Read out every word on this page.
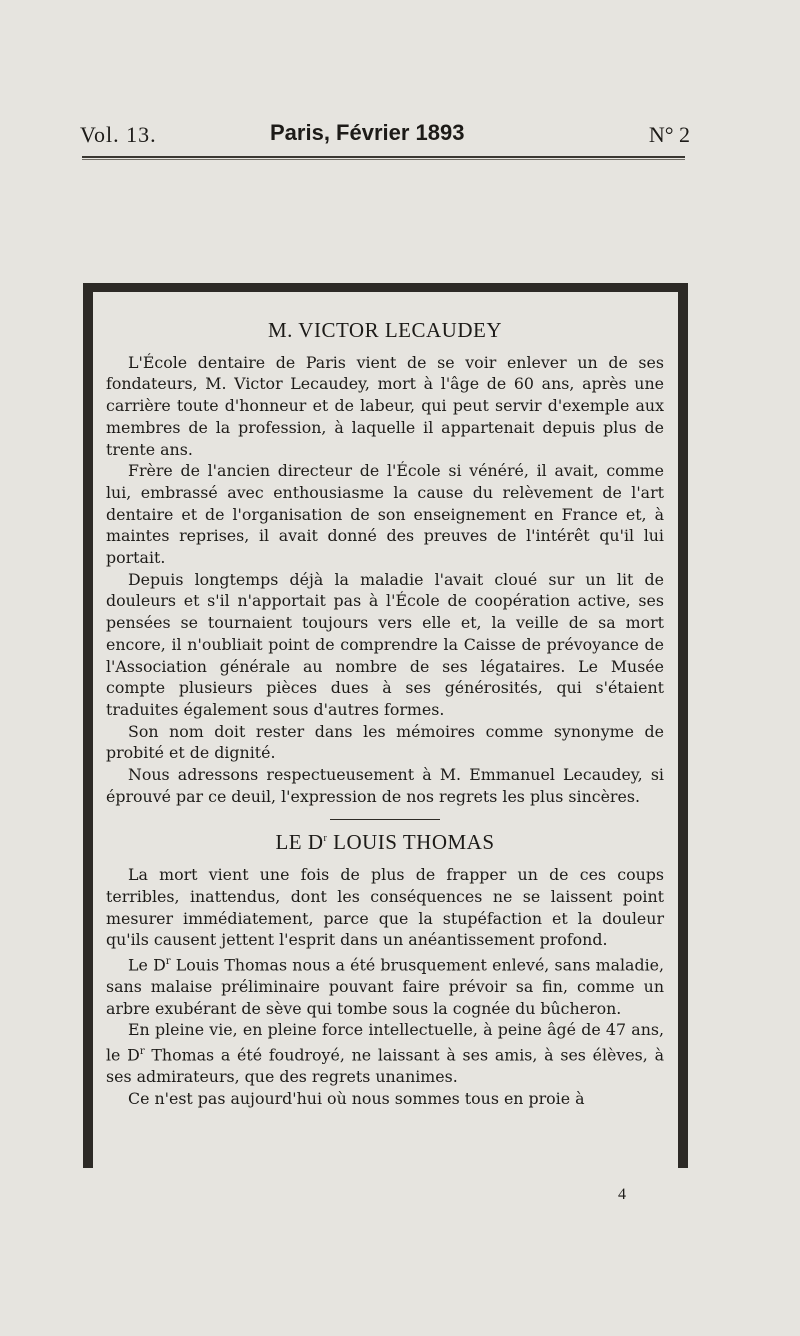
Vol. 13.	Paris, Février 1893	N° 2
M. VICTOR LECAUDEY

L'École dentaire de Paris vient de se voir enlever un de ses fondateurs, M. Victor Lecaudey, mort à l'âge de 60 ans, après une carrière toute d'honneur et de labeur, qui peut servir d'exemple aux membres de la profession, à laquelle il appartenait depuis plus de trente ans.

Frère de l'ancien directeur de l'École si vénéré, il avait, comme lui, embrassé avec enthousiasme la cause du relèvement de l'art dentaire et de l'organisation de son enseignement en France et, à maintes reprises, il avait donné des preuves de l'intérêt qu'il lui portait.

Depuis longtemps déjà la maladie l'avait cloué sur un lit de douleurs et s'il n'apportait pas à l'École de coopération active, ses pensées se tournaient toujours vers elle et, la veille de sa mort encore, il n'oubliait point de comprendre la Caisse de prévoyance de l'Association générale au nombre de ses légataires. Le Musée compte plusieurs pièces dues à ses générosités, qui s'étaient traduites également sous d'autres formes.

Son nom doit rester dans les mémoires comme synonyme de probité et de dignité.

Nous adressons respectueusement à M. Emmanuel Lecaudey, si éprouvé par ce deuil, l'expression de nos regrets les plus sincères.

LE $D^r$ LOUIS THOMAS

La mort vient une fois de plus de frapper un de ces coups terribles, inattendus, dont les conséquences ne se laissent point mesurer immédiatement, parce que la stupéfaction et la douleur qu'ils causent jettent l'esprit dans un anéantissement profond.

Le $D^r$ Louis Thomas nous a été brusquement enlevé, sans maladie, sans malaise préliminaire pouvant faire prévoir sa fin, comme un arbre exubérant de sève qui tombe sous la cognée du bûcheron.

En pleine vie, en pleine force intellectuelle, à peine âgé de 47 ans, le $D^r$ Thomas a été foudroyé, ne laissant à ses amis, à ses élèves, à ses admirateurs, que des regrets unanimes.

Ce n'est pas aujourd'hui où nous sommes tous en proie à

4
